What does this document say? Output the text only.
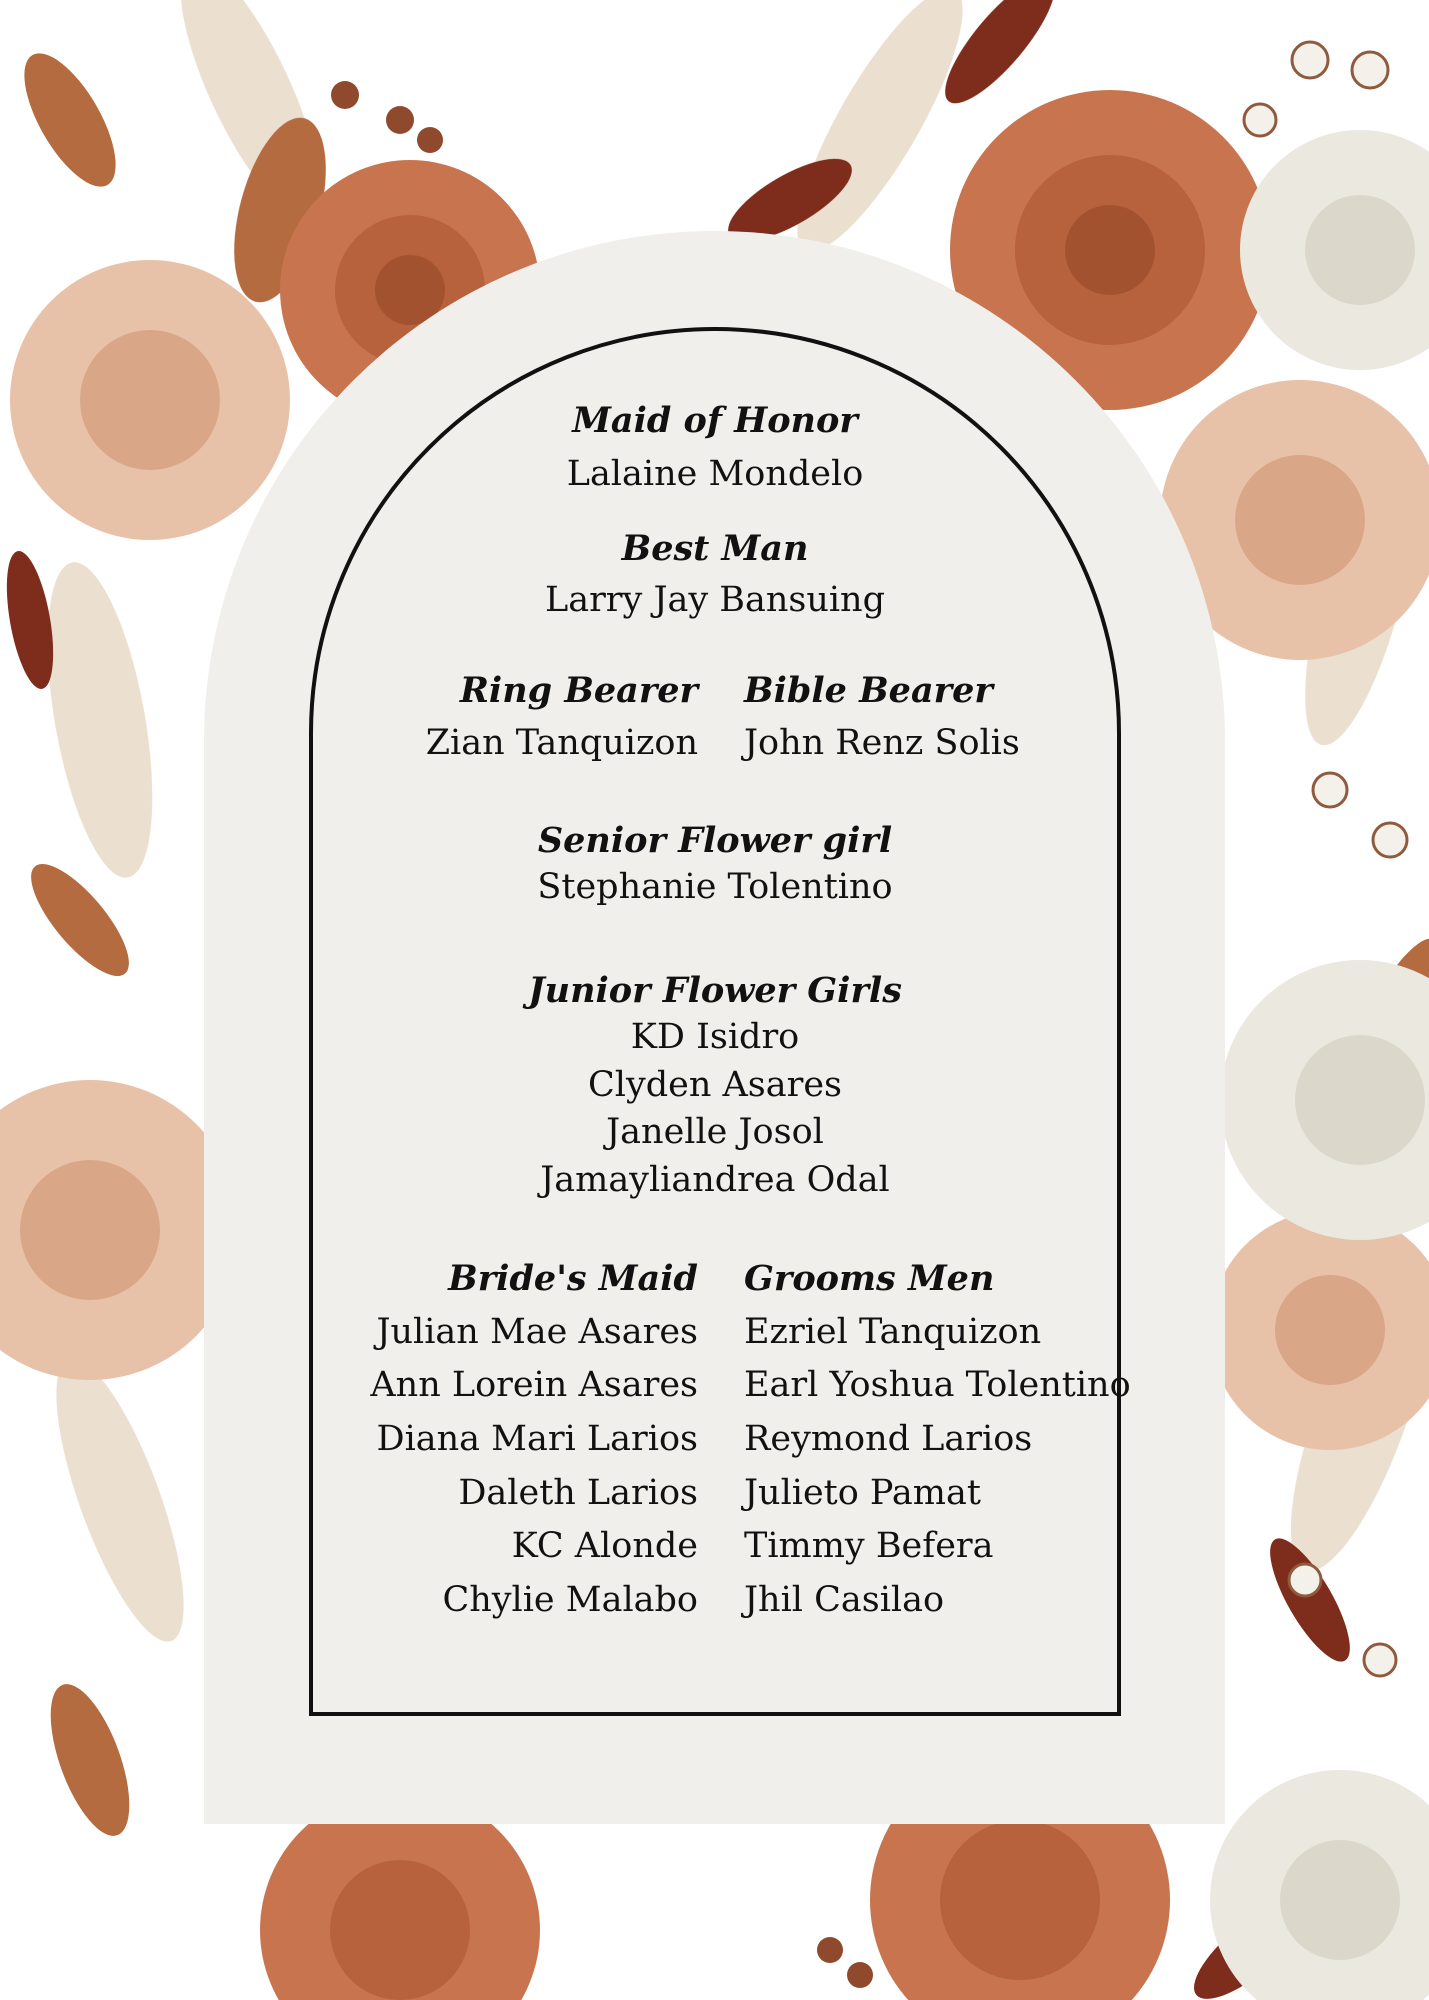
Maid of Honor
Lalaine Mondelo
Best Man
Larry Jay Bansuing
Ring Bearer
Zian Tanquizon
Bible Bearer
John Renz Solis
Senior Flower girl
Stephanie Tolentino
Junior Flower Girls
KD Isidro
Clyden Asares
Janelle Josol
Jamayliandrea Odal
Bride's Maid
Julian Mae Asares
Ann Lorein Asares
Diana Mari Larios
Daleth Larios
KC Alonde
Chylie Malabo
Grooms Men
Ezriel Tanquizon
Earl Yoshua Tolentino
Reymond Larios
Julieto Pamat
Timmy Befera
Jhil Casilao
